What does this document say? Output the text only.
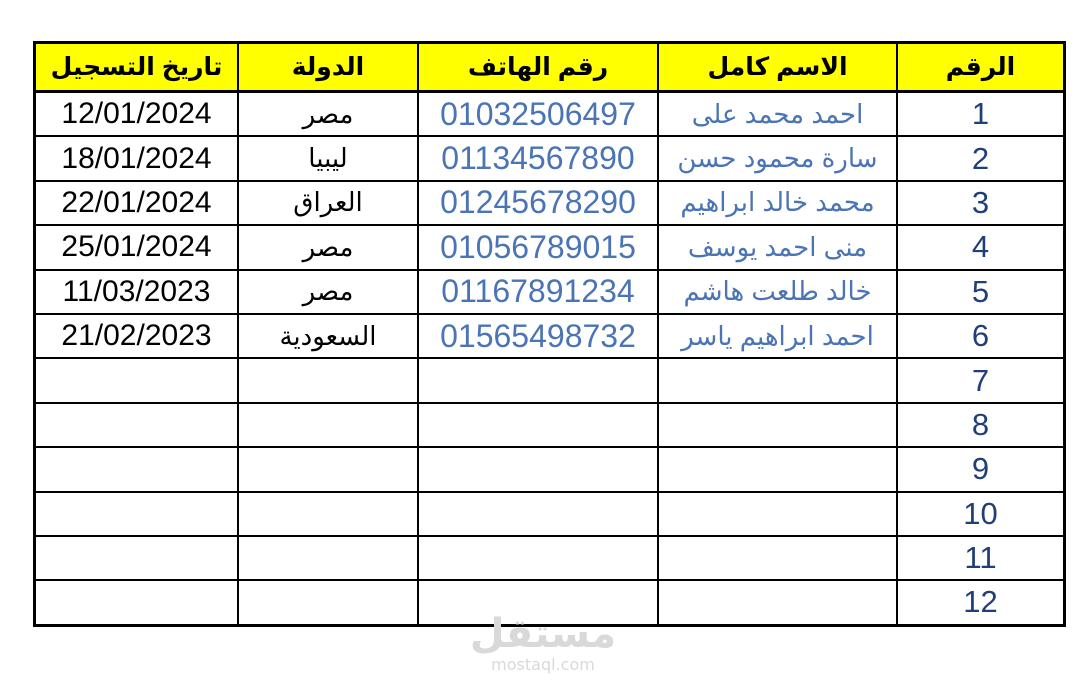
تاريخ التسجيل	الدولة	رقم الهاتف	الاسم كامل	الرقم
12/01/2024	مصر	01032506497	احمد محمد على	1
18/01/2024	ليبيا	01134567890	سارة محمود حسن	2
22/01/2024	العراق	01245678290	محمد خالد ابراهيم	3
25/01/2024	مصر	01056789015	منى احمد يوسف	4
11/03/2023	مصر	01167891234	خالد طلعت هاشم	5
21/02/2023	السعودية	01565498732	احمد ابراهيم ياسر	6
				7
				8
				9
				10
				11
				12
مستقل
mostaql.com
